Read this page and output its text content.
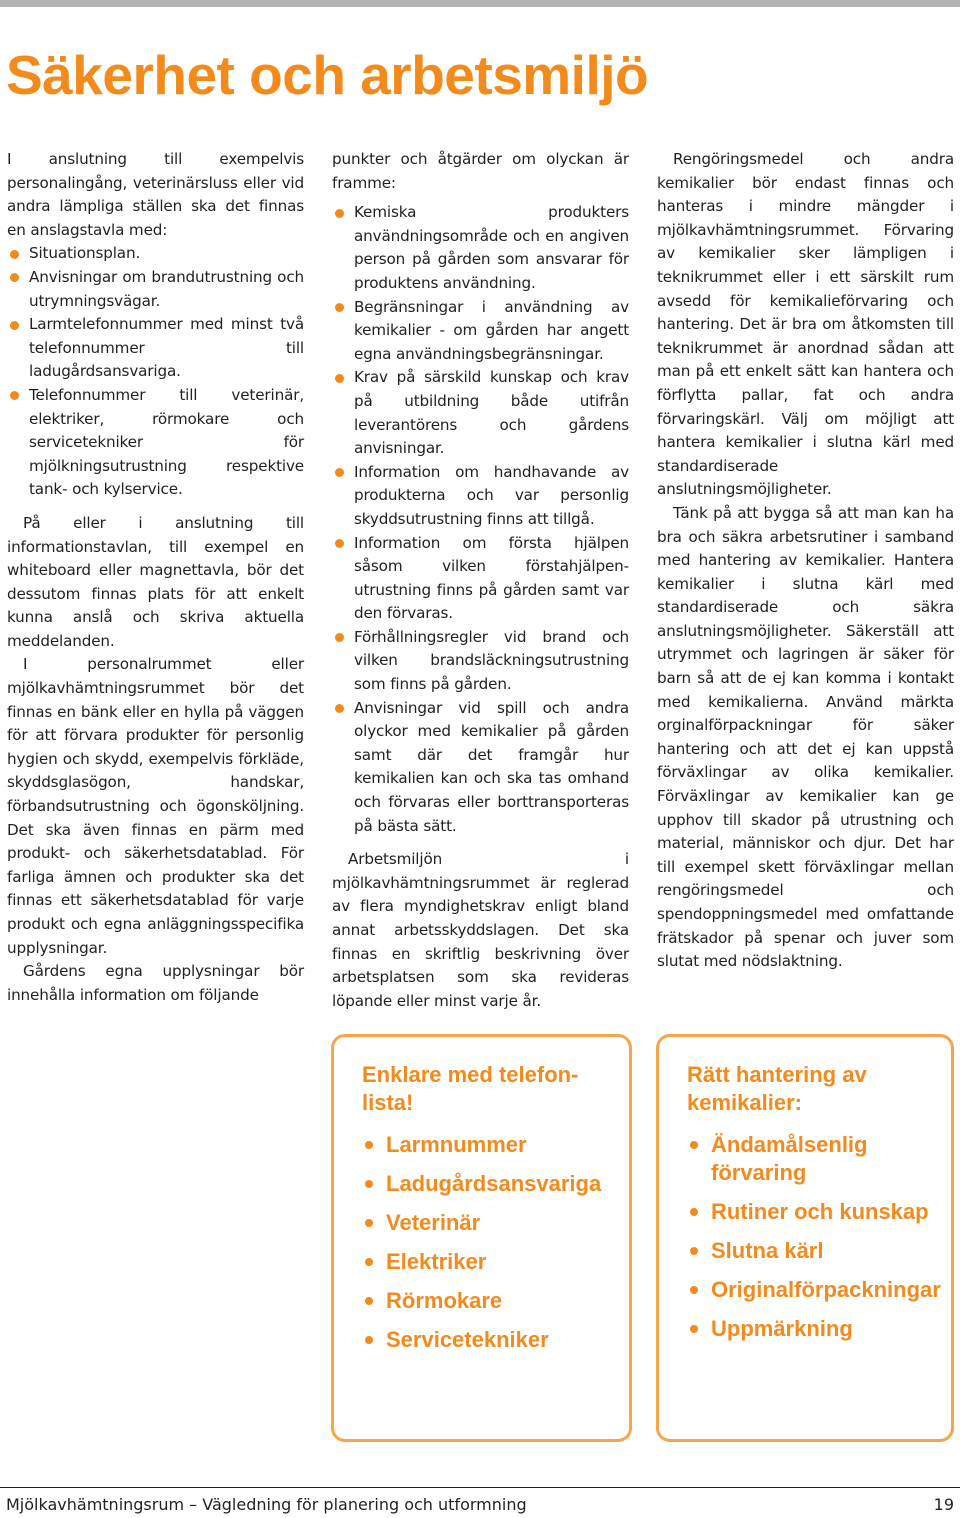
Säkerhet och arbetsmiljö

I anslutning till exempelvis personalingång, veterinärsluss eller vid andra lämpliga ställen ska det finnas en anslagstavla med:

Situationsplan.
Anvisningar om brandutrustning och utrymningsvägar.
Larmtelefonnummer med minst två telefonnummer till ladugårdsansvariga.
Telefonnummer till veterinär, elektriker, rörmokare och servicetekniker för mjölkningsutrustning respektive tank- och kylservice.

På eller i anslutning till informationstavlan, till exempel en whiteboard eller magnettavla, bör det dessutom finnas plats för att enkelt kunna anslå och skriva aktuella meddelanden.

I personalrummet eller mjölkavhämtningsrummet bör det finnas en bänk eller en hylla på väggen för att förvara produkter för personlig hygien och skydd, exempelvis förkläde, skyddsglasögon, handskar, förbandsutrustning och ögonsköljning. Det ska även finnas en pärm med produkt- och säkerhetsdatablad. För farliga ämnen och produkter ska det finnas ett säkerhetsdatablad för varje produkt och egna anläggningsspecifika upplysningar.

Gårdens egna upplysningar bör innehålla information om följande

punkter och åtgärder om olyckan är framme:

Kemiska produkters användningsområde och en angiven person på gården som ansvarar för produktens användning.
Begränsningar i användning av kemikalier - om gården har angett egna användningsbegränsningar.
Krav på särskild kunskap och krav på utbildning både utifrån leverantörens och gårdens anvisningar.
Information om handhavande av produkterna och var personlig skyddsutrustning finns att tillgå.
Information om första hjälpen såsom vilken förstahjälpen-utrustning finns på gården samt var den förvaras.
Förhållningsregler vid brand och vilken brandsläckningsutrustning som finns på gården.
Anvisningar vid spill och andra olyckor med kemikalier på gården samt där det framgår hur kemikalien kan och ska tas omhand och förvaras eller borttransporteras på bästa sätt.

Arbetsmiljön i mjölkavhämtningsrummet är reglerad av flera myndighetskrav enligt bland annat arbetsskyddslagen. Det ska finnas en skriftlig beskrivning över arbetsplatsen som ska revideras löpande eller minst varje år.

Rengöringsmedel och andra kemikalier bör endast finnas och hanteras i mindre mängder i mjölkavhämtningsrummet. Förvaring av kemikalier sker lämpligen i teknikrummet eller i ett särskilt rum avsedd för kemikalieförvaring och hantering. Det är bra om åtkomsten till teknikrummet är anordnad sådan att man på ett enkelt sätt kan hantera och förflytta pallar, fat och andra förvaringskärl. Välj om möjligt att hantera kemikalier i slutna kärl med standardiserade anslutningsmöjligheter.

Tänk på att bygga så att man kan ha bra och säkra arbetsrutiner i samband med hantering av kemikalier. Hantera kemikalier i slutna kärl med standardiserade och säkra anslutningsmöjligheter. Säkerställ att utrymmet och lagringen är säker för barn så att de ej kan komma i kontakt med kemikalierna. Använd märkta orginalförpackningar för säker hantering och att det ej kan uppstå förväxlingar av olika kemikalier. Förväxlingar av kemikalier kan ge upphov till skador på utrustning och material, människor och djur. Det har till exempel skett förväxlingar mellan rengöringsmedel och spendoppningsmedel med omfattande frätskador på spenar och juver som slutat med nödslaktning.

Enklare med telefon-
lista!

Larmnummer
Ladugårdsansvariga
Veterinär
Elektriker
Rörmokare
Servicetekniker

Rätt hantering av
kemikalier:

Ändamålsenlig förvaring
Rutiner och kunskap
Slutna kärl
Originalförpackningar
Uppmärkning
Mjölkavhämtningsrum – Vägledning för planering och utformning	19
